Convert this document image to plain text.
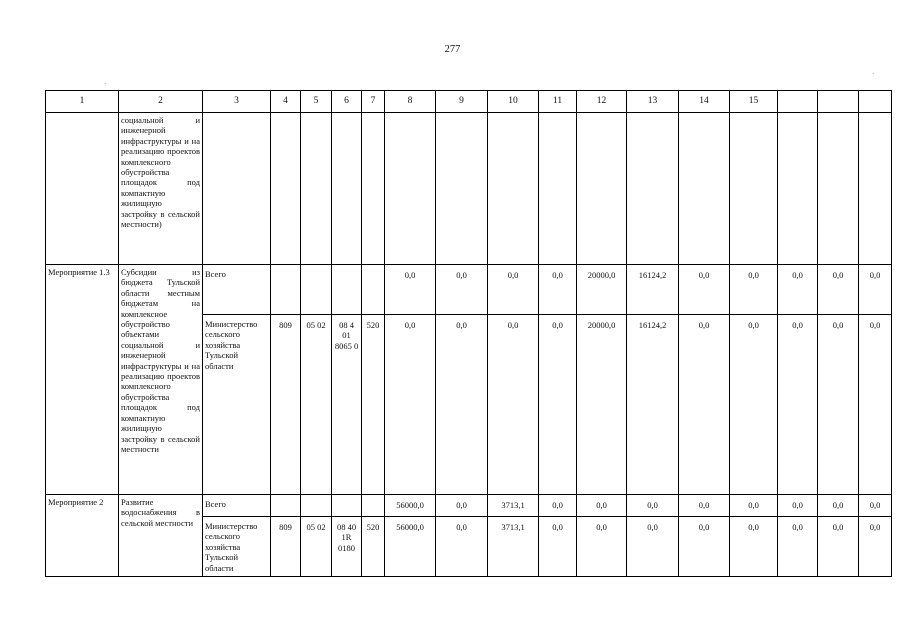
277
·
·
1	2	3	4	5	6	7	8	9	10	11	12	13	14	15			
	социальной и инженерной инфраструктуры и на реализацию проектов комплексного обустройства площадок под компактную жилищную застройку в сельской местности)																
Мероприятие 1.3	Субсидии из бюджета Тульской области местным бюджетам на комплексное обустройство объектами социальной и инженерной инфраструктуры и на реализацию проектов комплексного обустройства площадок под компактную жилищную застройку в сельской местности	Всего					0,0	0,0	0,0	0,0	20000,0	16124,2	0,0	0,0	0,0	0,0	0,0
		Министерство сельского хозяйства Тульской области	809	05 02	08 4 01 8065 0	520	0,0	0,0	0,0	0,0	20000,0	16124,2	0,0	0,0	0,0	0,0	0,0
Мероприятие 2	Развитие водоснабжения в сельской местности	Всего					56000,0	0,0	3713,1	0,0	0,0	0,0	0,0	0,0	0,0	0,0	0,0
		Министерство сельского хозяйства Тульской области	809	05 02	08 40 1R 0180	520	56000,0	0,0	3713,1	0,0	0,0	0,0	0,0	0,0	0,0	0,0	0,0
